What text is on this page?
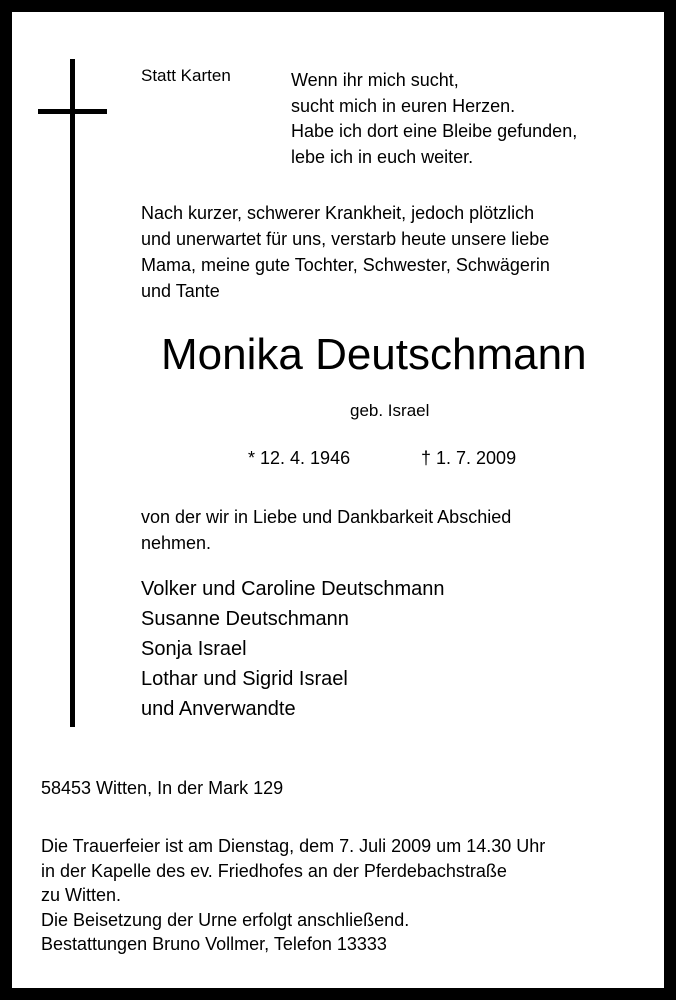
Statt Karten	Wenn ihr mich sucht,
sucht mich in euren Herzen.
Habe ich dort eine Bleibe gefunden,
lebe ich in euch weiter.
Nach kurzer, schwerer Krankheit, jedoch plötzlich
und unerwartet für uns, verstarb heute unsere liebe
Mama, meine gute Tochter, Schwester, Schwägerin
und Tante
Monika Deutschmann
geb. Israel
* 12. 4. 1946	† 1. 7. 2009
von der wir in Liebe und Dankbarkeit Abschied
nehmen.
Volker und Caroline Deutschmann
Susanne Deutschmann
Sonja Israel
Lothar und Sigrid Israel
und Anverwandte
58453 Witten, In der Mark 129
Die Trauerfeier ist am Dienstag, dem 7. Juli 2009 um 14.30 Uhr
in der Kapelle des ev. Friedhofes an der Pferdebachstraße
zu Witten.
Die Beisetzung der Urne erfolgt anschließend.
Bestattungen Bruno Vollmer, Telefon 13333
